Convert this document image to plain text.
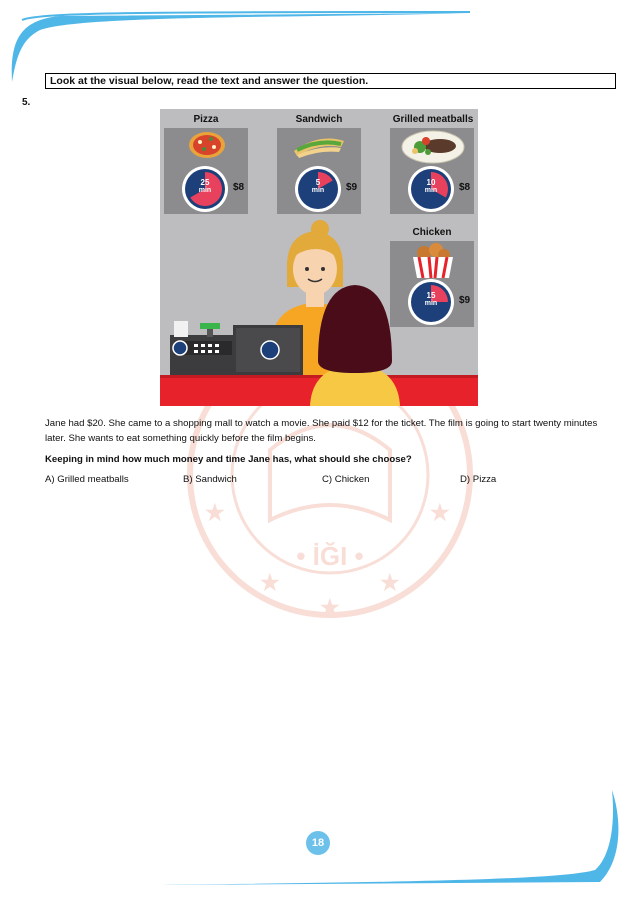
• İĞI •
★	★
★	★
★
Look at the visual below, read the text and answer the question.
5.
Pizza
25
min	$8
Sandwich
5
min	$9
Grilled meatballs
10
min	$8
Chicken
15
min	$9
Jane had $20. She came to a shopping mall to watch a movie. She paid $12 for the ticket. The film is going to start twenty minutes later. She wants to eat something quickly before the film begins.
Keeping in mind how much money and time Jane has, what should she choose?
A) Grilled meatballs	B) Sandwich	C) Chicken	D) Pizza
18
